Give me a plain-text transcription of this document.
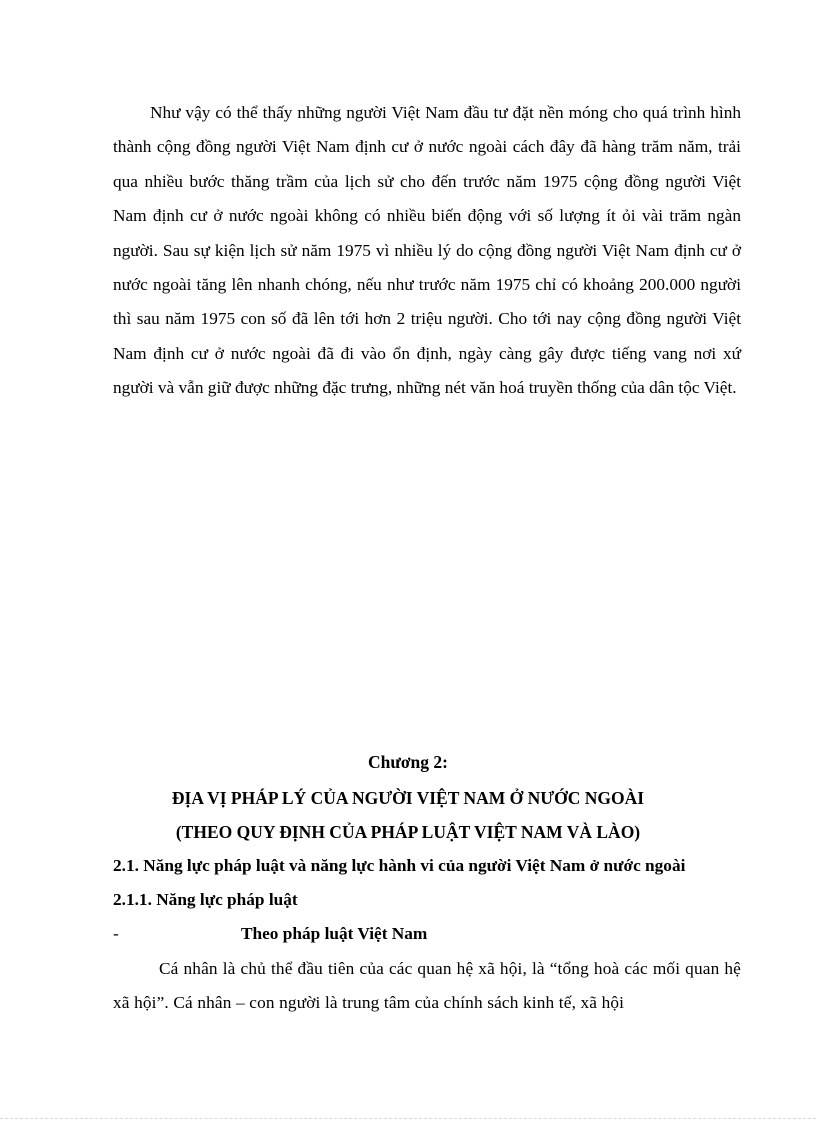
Như vậy có thể thấy những người Việt Nam đầu tư đặt nền móng cho quá trình hình thành cộng đồng người Việt Nam định cư ở nước ngoài cách đây đã hàng trăm năm, trải qua nhiều bước thăng trầm của lịch sử cho đến trước năm 1975 cộng đồng người Việt Nam định cư ở nước ngoài không có nhiều biến động với số lượng ít ỏi vài trăm ngàn người. Sau sự kiện lịch sử năm 1975 vì nhiều lý do cộng đồng người Việt Nam định cư ở nước ngoài tăng lên nhanh chóng, nếu như trước năm 1975 chỉ có khoảng 200.000 người thì sau năm 1975 con số đã lên tới hơn 2 triệu người. Cho tới nay cộng đồng người Việt Nam định cư ở nước ngoài đã đi vào ổn định, ngày càng gây được tiếng vang nơi xứ người và vẫn giữ được những đặc trưng, những nét văn hoá truyền thống của dân tộc Việt.

Chương 2:

ĐỊA VỊ PHÁP LÝ CỦA NGƯỜI VIỆT NAM Ở NƯỚC NGOÀI

(THEO QUY ĐỊNH CỦA PHÁP LUẬT VIỆT NAM VÀ LÀO)

2.1. Năng lực pháp luật và năng lực hành vi của người Việt Nam ở nước ngoài

2.1.1. Năng lực pháp luật

-	Theo pháp luật Việt Nam

Cá nhân là chủ thể đầu tiên của các quan hệ xã hội, là “tổng hoà các mối quan hệ xã hội”. Cá nhân – con người là trung tâm của chính sách kinh tế, xã hội
